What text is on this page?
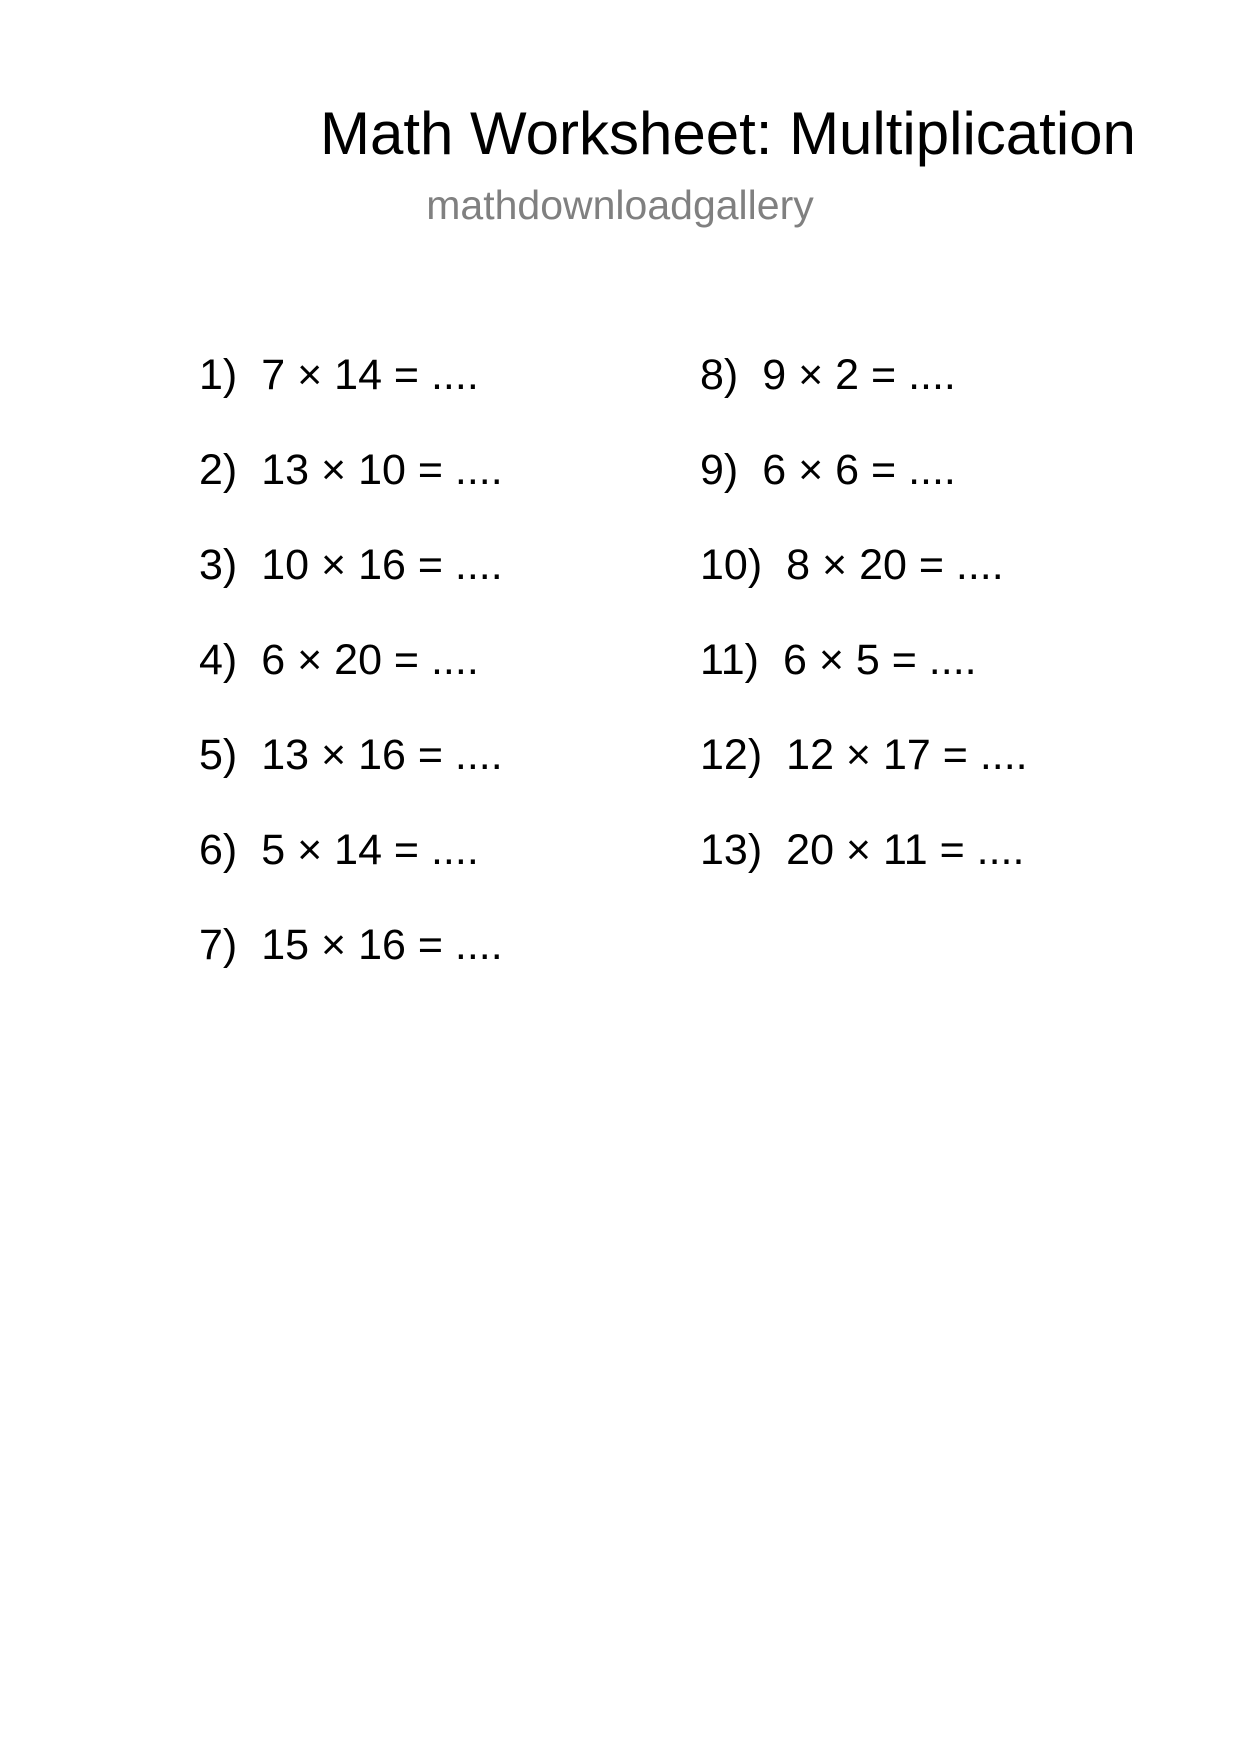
Math Worksheet: Multiplication
mathdownloadgallery
1) 7 × 14 = ....
2) 13 × 10 = ....
3) 10 × 16 = ....
4) 6 × 20 = ....
5) 13 × 16 = ....
6) 5 × 14 = ....
7) 15 × 16 = ....
8) 9 × 2 = ....
9) 6 × 6 = ....
10) 8 × 20 = ....
11) 6 × 5 = ....
12) 12 × 17 = ....
13) 20 × 11 = ....
